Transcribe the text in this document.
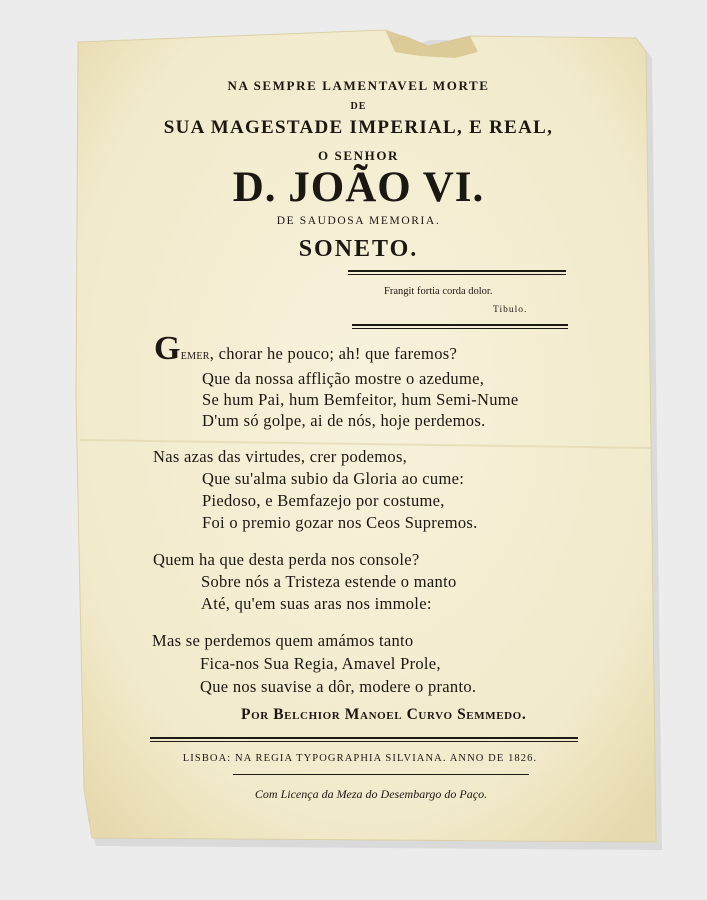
NA SEMPRE LAMENTAVEL MORTE
DE
SUA MAGESTADE IMPERIAL, E REAL,
O SENHOR
D. JOÃO VI.
DE SAUDOSA MEMORIA.
SONETO.
Frangit fortia corda dolor.
Tibulo.
Gemer, chorar he pouco; ah! que faremos?
Que da nossa afflição mostre o azedume,
Se hum Pai, hum Bemfeitor, hum Semi-Nume
D'um só golpe, ai de nós, hoje perdemos.
Nas azas das virtudes, crer podemos,
Que su'alma subio da Gloria ao cume:
Piedoso, e Bemfazejo por costume,
Foi o premio gozar nos Ceos Supremos.
Quem ha que desta perda nos console?
Sobre nós a Tristeza estende o manto
Até, qu'em suas aras nos immole:
Mas se perdemos quem amámos tanto
Fica-nos Sua Regia, Amavel Prole,
Que nos suavise a dôr, modere o pranto.
Por Belchior Manoel Curvo Semmedo.
LISBOA: NA REGIA TYPOGRAPHIA SILVIANA. ANNO DE 1826.
Com Licença da Meza do Desembargo do Paço.
